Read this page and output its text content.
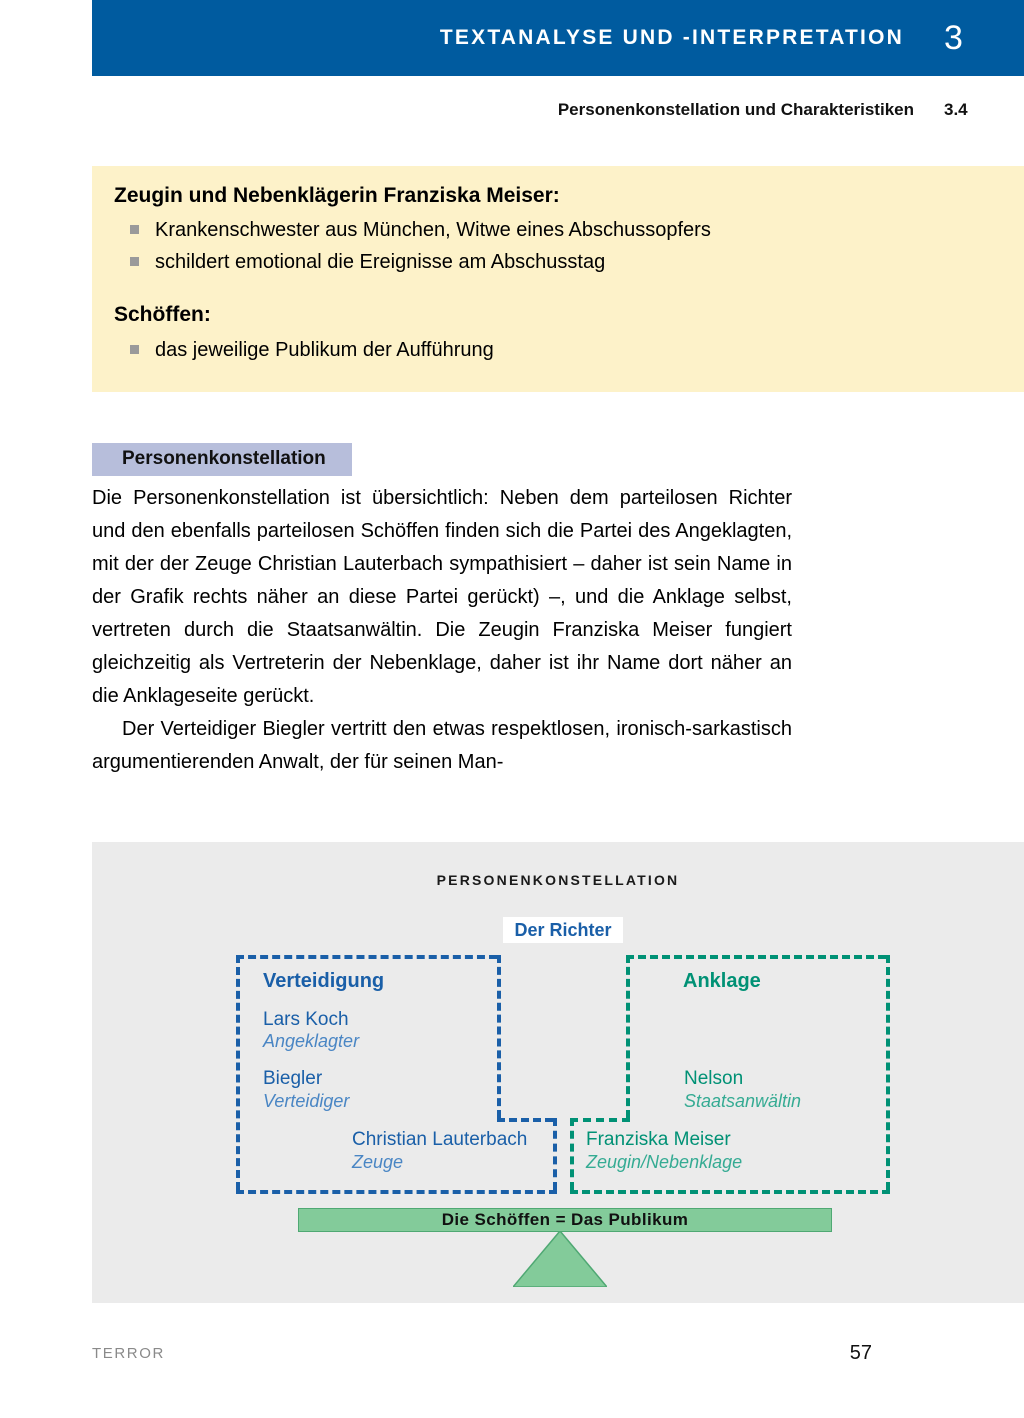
TEXTANALYSE UND -INTERPRETATION 3
Personenkonstellation und Charakteristiken 3.4
Zeugin und Nebenklägerin Franziska Meiser:
Krankenschwester aus München, Witwe eines Abschussopfers
schildert emotional die Ereignisse am Abschusstag
Schöffen:
das jeweilige Publikum der Aufführung
Personenkonstellation

Die Personenkonstellation ist übersichtlich: Neben dem parteilosen Richter und den ebenfalls parteilosen Schöffen finden sich die Partei des Angeklagten, mit der der Zeuge Christian Lauterbach sympathisiert – daher ist sein Name in der Grafik rechts näher an diese Partei gerückt) –, und die Anklage selbst, vertreten durch die Staatsanwältin. Die Zeugin Franziska Meiser fungiert gleichzeitig als Vertreterin der Nebenklage, daher ist ihr Name dort näher an die Anklageseite gerückt.

Der Verteidiger Biegler vertritt den etwas respektlosen, ironisch-sarkastisch argumentierenden Anwalt, der für seinen Man-

PERSONENKONSTELLATION
Der Richter
Verteidigung
Lars Koch
Angeklagter
Biegler
Verteidiger
Christian Lauterbach
Zeuge
Anklage
Nelson
Staatsanwältin
Franziska Meiser
Zeugin/Nebenklage
Die Schöffen = Das Publikum
TERROR	57
